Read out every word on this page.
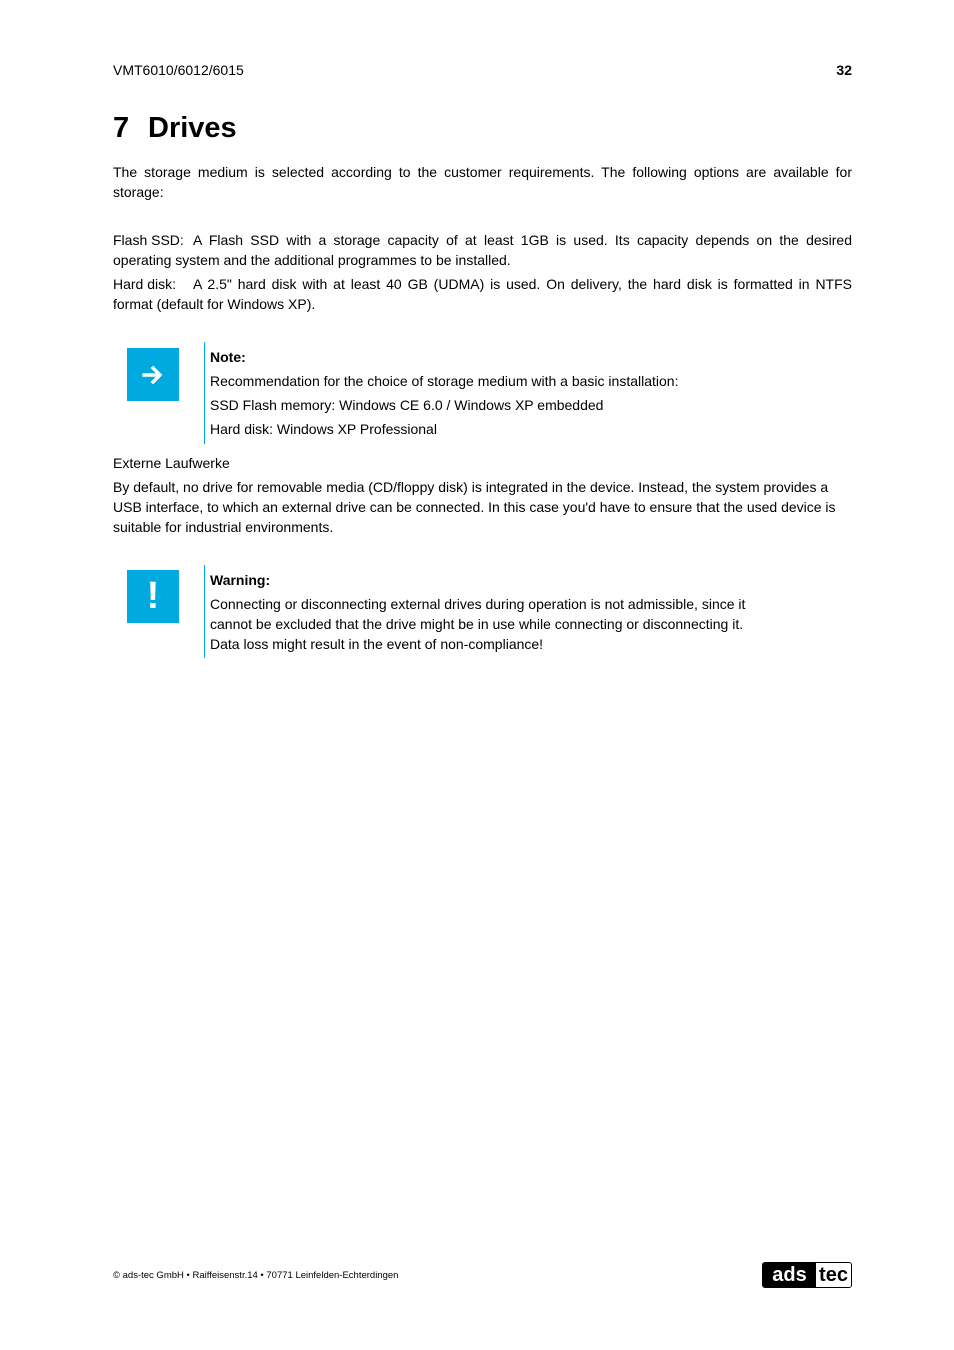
VMT6010/6012/6015	32
7 Drives
The storage medium is selected according to the customer requirements. The following options are available for storage:
Flash SSD: A Flash SSD with a storage capacity of at least 1GB is used. Its capacity depends on the desired operating system and the additional programmes to be installed.
Hard disk: A 2.5" hard disk with at least 40 GB (UDMA) is used. On delivery, the hard disk is formatted in NTFS format (default for Windows XP).
Note:
Recommendation for the choice of storage medium with a basic installation:
SSD Flash memory: Windows CE 6.0 / Windows XP embedded
Hard disk: Windows XP Professional
Externe Laufwerke
By default, no drive for removable media (CD/floppy disk) is integrated in the device. Instead, the system provides a USB interface, to which an external drive can be connected. In this case you'd have to ensure that the used device is suitable for industrial environments.
!	Warning:
Connecting or disconnecting external drives during operation is not admissible, since it
cannot be excluded that the drive might be in use while connecting or disconnecting it.
Data loss might result in the event of non-compliance!
© ads-tec GmbH • Raiffeisenstr.14 • 70771 Leinfelden-Echterdingen	ads tec
